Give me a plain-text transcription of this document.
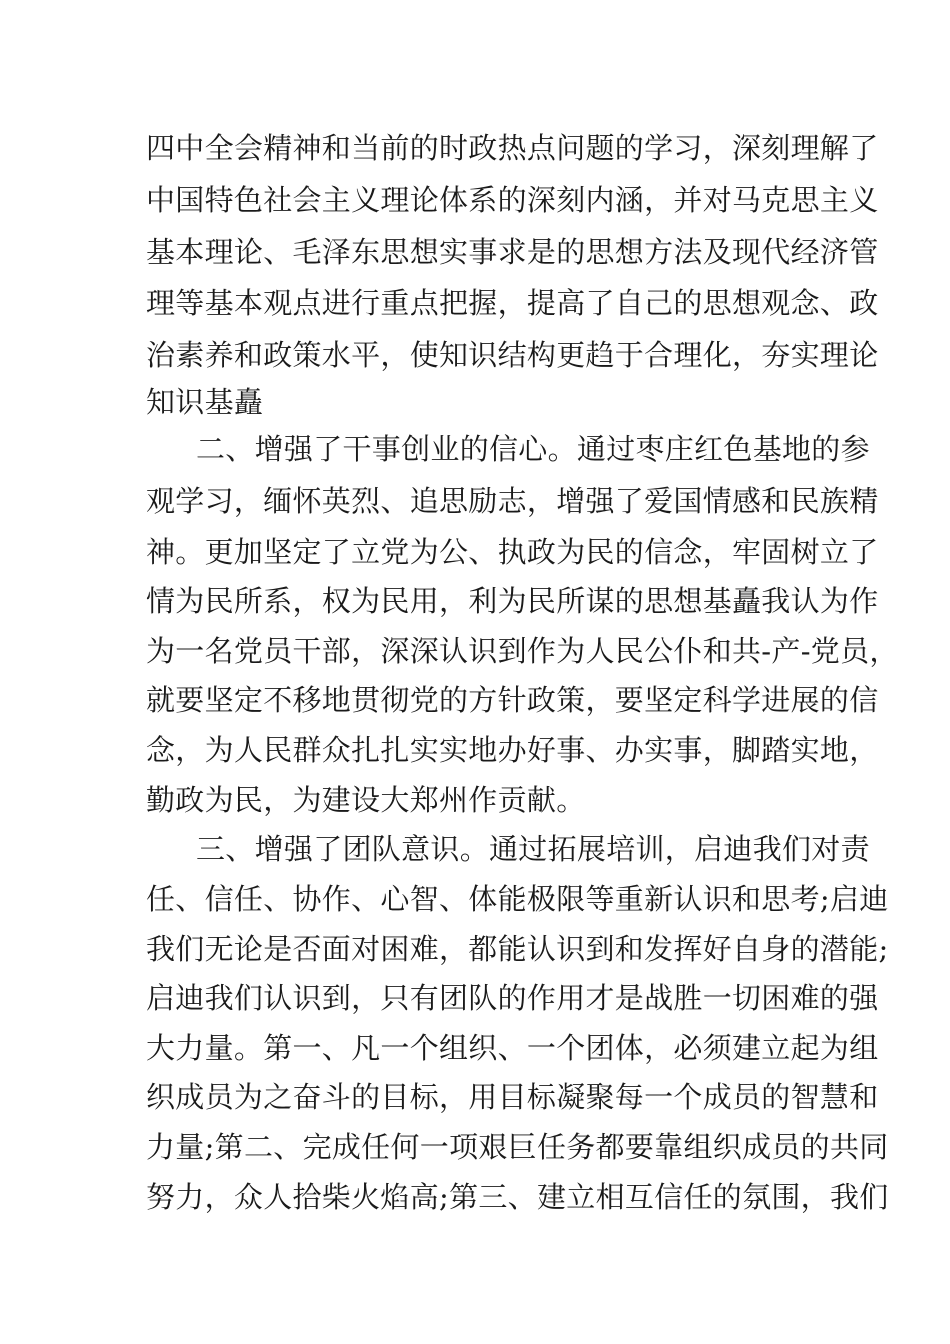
四中全会精神和当前的时政热点问题的学习，深刻理解了
中国特色社会主义理论体系的深刻内涵，并对马克思主义
基本理论、毛泽东思想实事求是的思想方法及现代经济管
理等基本观点进行重点把握，提高了自己的思想观念、政
治素养和政策水平，使知识结构更趋于合理化，夯实理论
知识基矗
二、增强了干事创业的信心。通过枣庄红色基地的参
观学习，缅怀英烈、追思励志，增强了爱国情感和民族精
神。更加坚定了立党为公、执政为民的信念，牢固树立了
情为民所系，权为民用，利为民所谋的思想基矗我认为作
为一名党员干部，深深认识到作为人民公仆和共-产-党员，
就要坚定不移地贯彻党的方针政策，要坚定科学进展的信
念，为人民群众扎扎实实地办好事、办实事，脚踏实地，
勤政为民，为建设大郑州作贡献。
三、增强了团队意识。通过拓展培训，启迪我们对责
任、信任、协作、心智、体能极限等重新认识和思考;启迪
我们无论是否面对困难，都能认识到和发挥好自身的潜能;
启迪我们认识到，只有团队的作用才是战胜一切困难的强
大力量。第一、凡一个组织、一个团体，必须建立起为组
织成员为之奋斗的目标，用目标凝聚每一个成员的智慧和
力量;第二、完成任何一项艰巨任务都要靠组织成员的共同
努力，众人拾柴火焰高;第三、建立相互信任的氛围，我们
